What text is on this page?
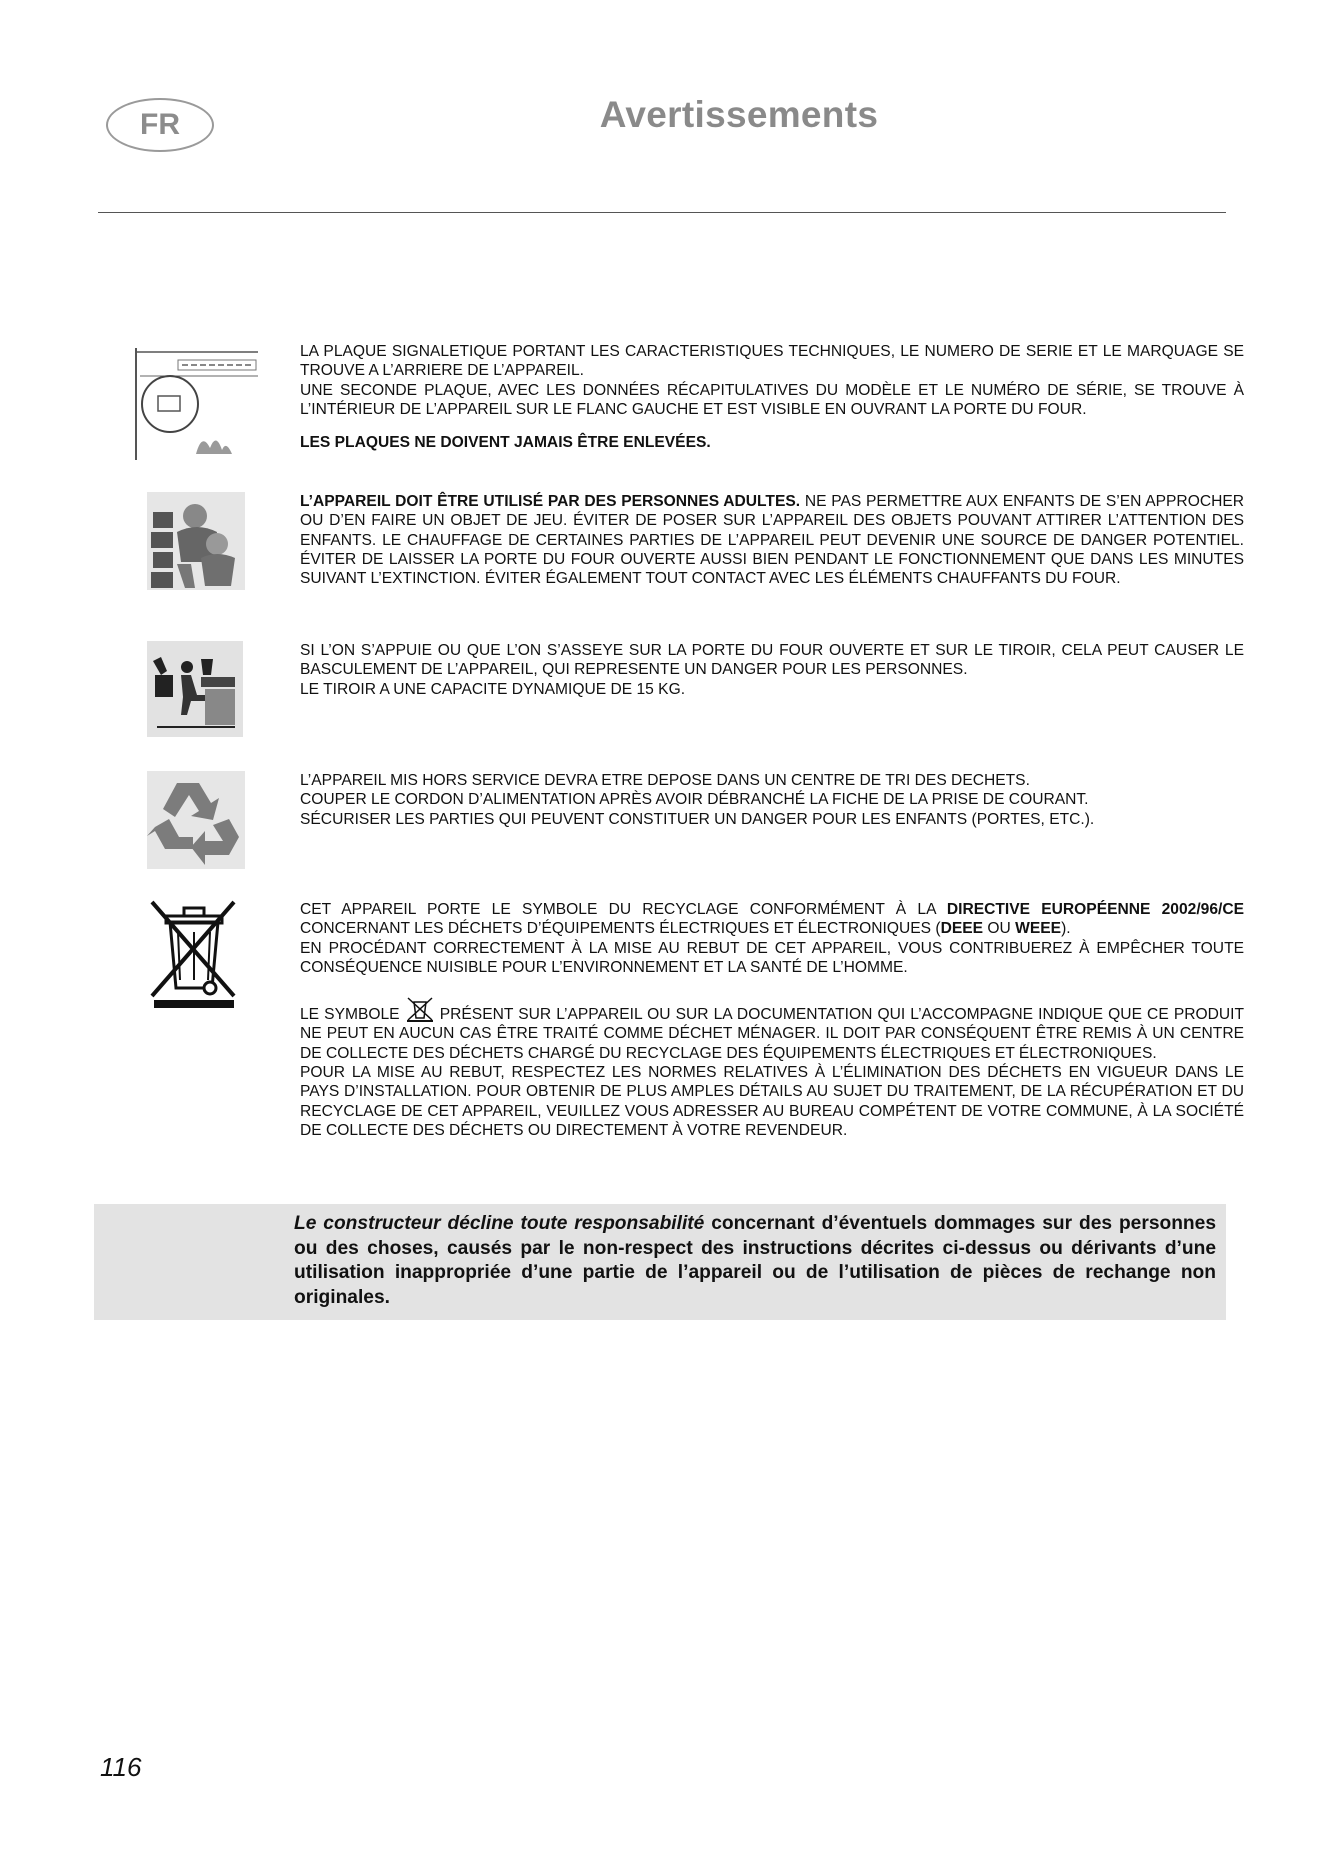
FR	Avertissements

LA PLAQUE SIGNALETIQUE PORTANT LES CARACTERISTIQUES TECHNIQUES, LE NUMERO DE SERIE ET LE MARQUAGE SE TROUVE A L’ARRIERE DE L’APPAREIL.

UNE SECONDE PLAQUE, AVEC LES DONNÉES RÉCAPITULATIVES DU MODÈLE ET LE NUMÉRO DE SÉRIE, SE TROUVE À L’INTÉRIEUR DE L’APPAREIL SUR LE FLANC GAUCHE ET EST VISIBLE EN OUVRANT LA PORTE DU FOUR.

LES PLAQUES NE DOIVENT JAMAIS ÊTRE ENLEVÉES.

L’APPAREIL DOIT ÊTRE UTILISÉ PAR DES PERSONNES ADULTES. NE PAS PERMETTRE AUX ENFANTS DE S’EN APPROCHER OU D’EN FAIRE UN OBJET DE JEU. ÉVITER DE POSER SUR L’APPAREIL DES OBJETS POUVANT ATTIRER L’ATTENTION DES ENFANTS. LE CHAUFFAGE DE CERTAINES PARTIES DE L’APPAREIL PEUT DEVENIR UNE SOURCE DE DANGER POTENTIEL. ÉVITER DE LAISSER LA PORTE DU FOUR OUVERTE AUSSI BIEN PENDANT LE FONCTIONNEMENT QUE DANS LES MINUTES SUIVANT L’EXTINCTION. ÉVITER ÉGALEMENT TOUT CONTACT AVEC LES ÉLÉMENTS CHAUFFANTS DU FOUR.

SI L’ON S’APPUIE OU QUE L’ON S’ASSEYE SUR LA PORTE DU FOUR OUVERTE ET SUR LE TIROIR, CELA PEUT CAUSER LE BASCULEMENT DE L’APPAREIL, QUI REPRESENTE UN DANGER POUR LES PERSONNES.

LE TIROIR A UNE CAPACITE DYNAMIQUE DE 15 KG.

L’APPAREIL MIS HORS SERVICE DEVRA ETRE DEPOSE DANS UN CENTRE DE TRI DES DECHETS.

COUPER LE CORDON D’ALIMENTATION APRÈS AVOIR DÉBRANCHÉ LA FICHE DE LA PRISE DE COURANT.

SÉCURISER LES PARTIES QUI PEUVENT CONSTITUER UN DANGER POUR LES ENFANTS (PORTES, ETC.).

CET APPAREIL PORTE LE SYMBOLE DU RECYCLAGE CONFORMÉMENT À LA DIRECTIVE EUROPÉENNE 2002/96/CE CONCERNANT LES DÉCHETS D’ÉQUIPEMENTS ÉLECTRIQUES ET ÉLECTRONIQUES (DEEE OU WEEE).

EN PROCÉDANT CORRECTEMENT À LA MISE AU REBUT DE CET APPAREIL, VOUS CONTRIBUEREZ À EMPÊCHER TOUTE CONSÉQUENCE NUISIBLE POUR L’ENVIRONNEMENT ET LA SANTÉ DE L’HOMME.

LE SYMBOLE  PRÉSENT SUR L’APPAREIL OU SUR LA DOCUMENTATION QUI L’ACCOMPAGNE INDIQUE QUE CE PRODUIT NE PEUT EN AUCUN CAS ÊTRE TRAITÉ COMME DÉCHET MÉNAGER. IL DOIT PAR CONSÉQUENT ÊTRE REMIS À UN CENTRE DE COLLECTE DES DÉCHETS CHARGÉ DU RECYCLAGE DES ÉQUIPEMENTS ÉLECTRIQUES ET ÉLECTRONIQUES.

POUR LA MISE AU REBUT, RESPECTEZ LES NORMES RELATIVES À L’ÉLIMINATION DES DÉCHETS EN VIGUEUR DANS LE PAYS D’INSTALLATION. POUR OBTENIR DE PLUS AMPLES DÉTAILS AU SUJET DU TRAITEMENT, DE LA RÉCUPÉRATION ET DU RECYCLAGE DE CET APPAREIL, VEUILLEZ VOUS ADRESSER AU BUREAU COMPÉTENT DE VOTRE COMMUNE, À LA SOCIÉTÉ DE COLLECTE DES DÉCHETS OU DIRECTEMENT À VOTRE REVENDEUR.

Le constructeur décline toute responsabilité concernant d’éventuels dommages sur des personnes ou des choses, causés par le non-respect des instructions décrites ci-dessus ou dérivants d’une utilisation inappropriée d’une partie de l’appareil ou de l’utilisation de pièces de rechange non originales.

116
